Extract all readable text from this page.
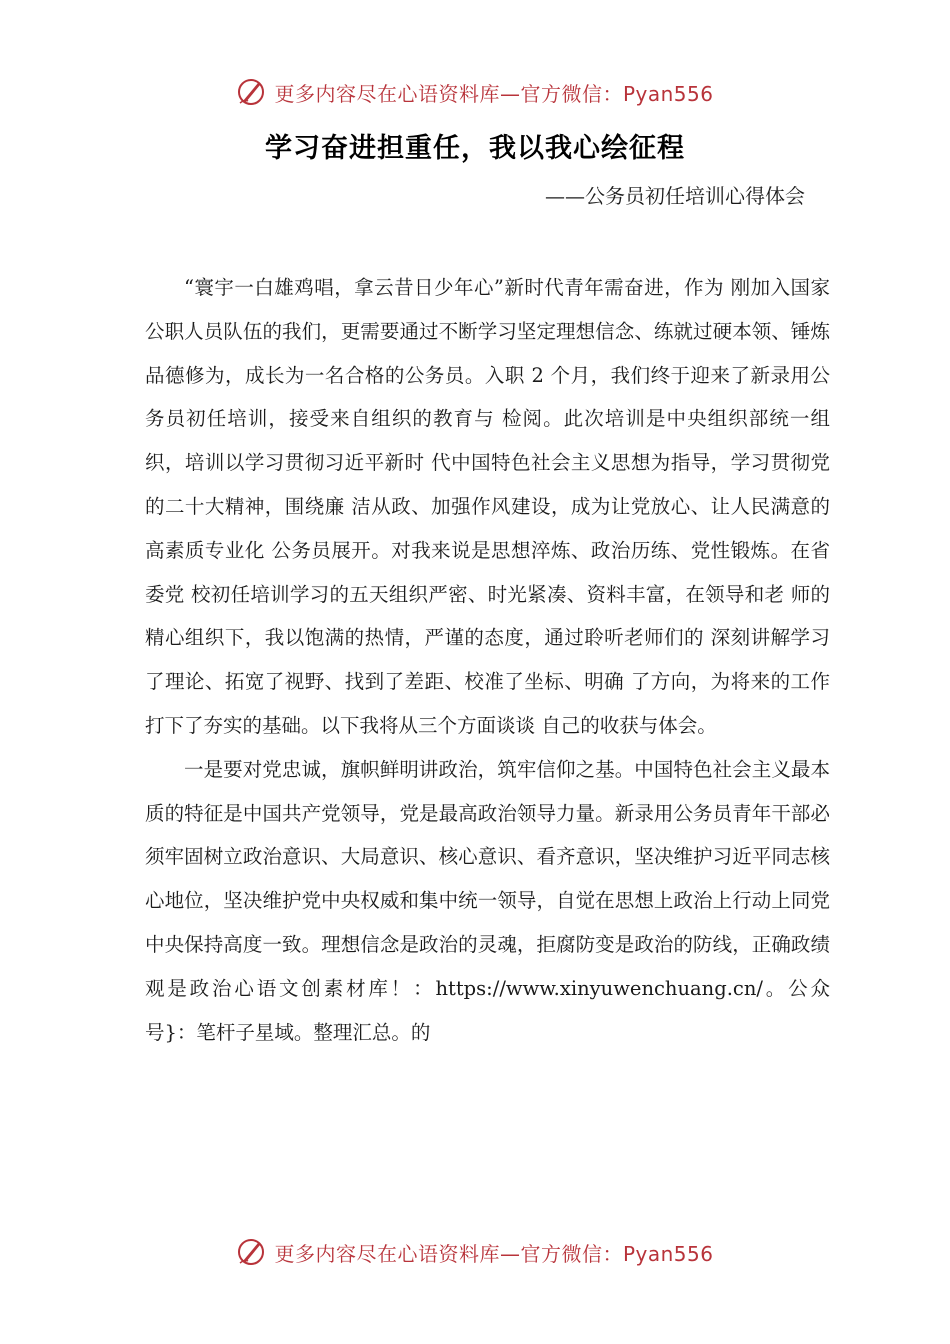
更多内容尽在心语资料库—官方微信：Pyan556
学习奋进担重任，我以我心绘征程
——公务员初任培训心得体会

“寰宇一白雄鸡唱，拿云昔日少年心”新时代青年需奋进，作为 刚加入国家公职人员队伍的我们，更需要通过不断学习坚定理想信念、练就过硬本领、锤炼品德修为，成长为一名合格的公务员。入职 2 个月，我们终于迎来了新录用公务员初任培训，接受来自组织的教育与 检阅。此次培训是中央组织部统一组织，培训以学习贯彻习近平新时 代中国特色社会主义思想为指导，学习贯彻党的二十大精神，围绕廉 洁从政、加强作风建设，成为让党放心、让人民满意的高素质专业化 公务员展开。对我来说是思想淬炼、政治历练、党性锻炼。在省委党 校初任培训学习的五天组织严密、时光紧凑、资料丰富，在领导和老 师的精心组织下，我以饱满的热情，严谨的态度，通过聆听老师们的 深刻讲解学习了理论、拓宽了视野、找到了差距、校准了坐标、明确 了方向，为将来的工作打下了夯实的基础。以下我将从三个方面谈谈 自己的收获与体会。

一是要对党忠诚，旗帜鲜明讲政治，筑牢信仰之基。中国特色社会主义最本质的特征是中国共产党领导，党是最高政治领导力量。新录用公务员青年干部必须牢固树立政治意识、大局意识、核心意识、看齐意识，坚决维护习近平同志核心地位，坚决维护党中央权威和集中统一领导，自觉在思想上政治上行动上同党中央保持高度一致。理想信念是政治的灵魂，拒腐防变是政治的防线，正确政绩观是政治心语文创素材库！：https://www.xinyuwenchuang.cn/。公众号}：笔杆子星域。整理汇总。的

更多内容尽在心语资料库—官方微信：Pyan556
